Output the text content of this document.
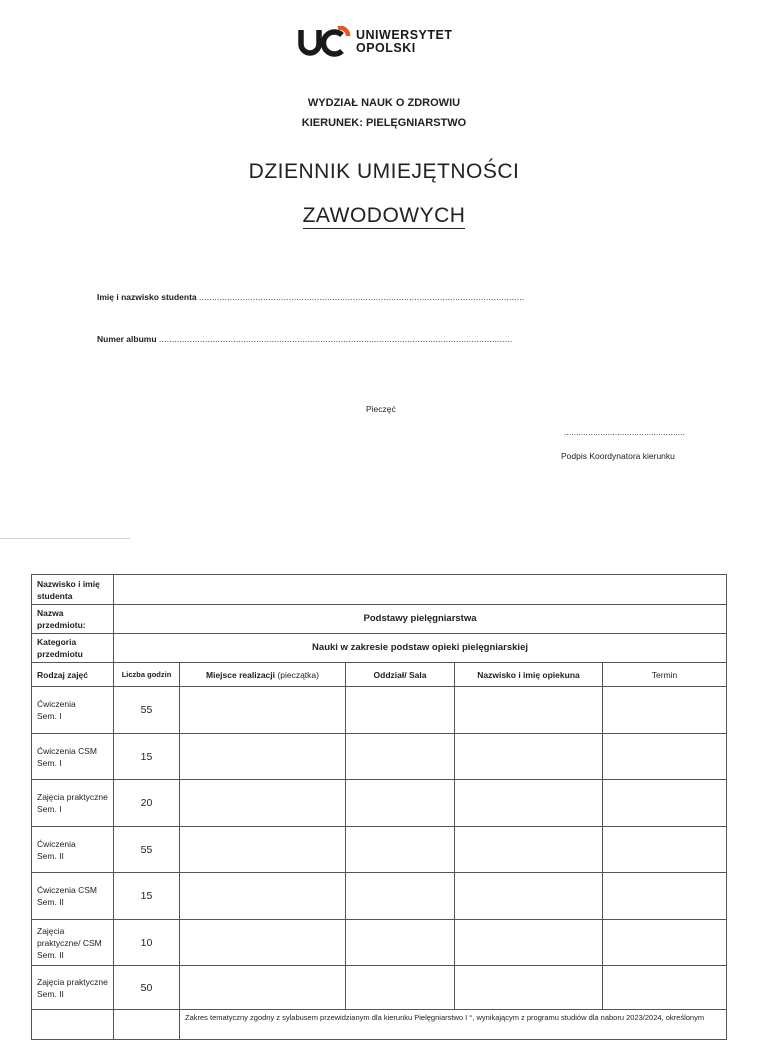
UNIWERSYTET
OPOLSKI
WYDZIAŁ NAUK O ZDROWIU
KIERUNEK: PIELĘGNIARSTWO
DZIENNIK UMIEJĘTNOŚCI
ZAWODOWYCH
Imię i nazwisko studenta ...............................................................................................................................
Numer albumu ..........................................................................................................................................
Pieczęć
..................................................
Podpis Koordynatora kierunku
Nazwisko i imię studenta					
Nazwa przedmiotu:	Podstawy pielęgniarstwa				
Kategoria przedmiotu	Nauki w zakresie podstaw opieki pielęgniarskiej				
Rodzaj zajęć	Liczba godzin	Miejsce realizacji (pieczątka)	Oddział/ Sala	Nazwisko i imię opiekuna	Termin

Ćwiczenia
Sem. I	55				

Ćwiczenia CSM
Sem. I	15				

Zajęcia praktyczne
Sem. I	20				

Ćwiczenia
Sem. II	55				

Ćwiczenia CSM
Sem. II	15				

Zajęcia
praktyczne/ CSM
Sem. II	10				

Zajęcia praktyczne
Sem. II	50				
		Zakres tematyczny zgodny z sylabusem przewidzianym dla kierunku Pielęgniarstwo I °, wynikającym z programu studiów dla naboru 2023/2024, określonym			
